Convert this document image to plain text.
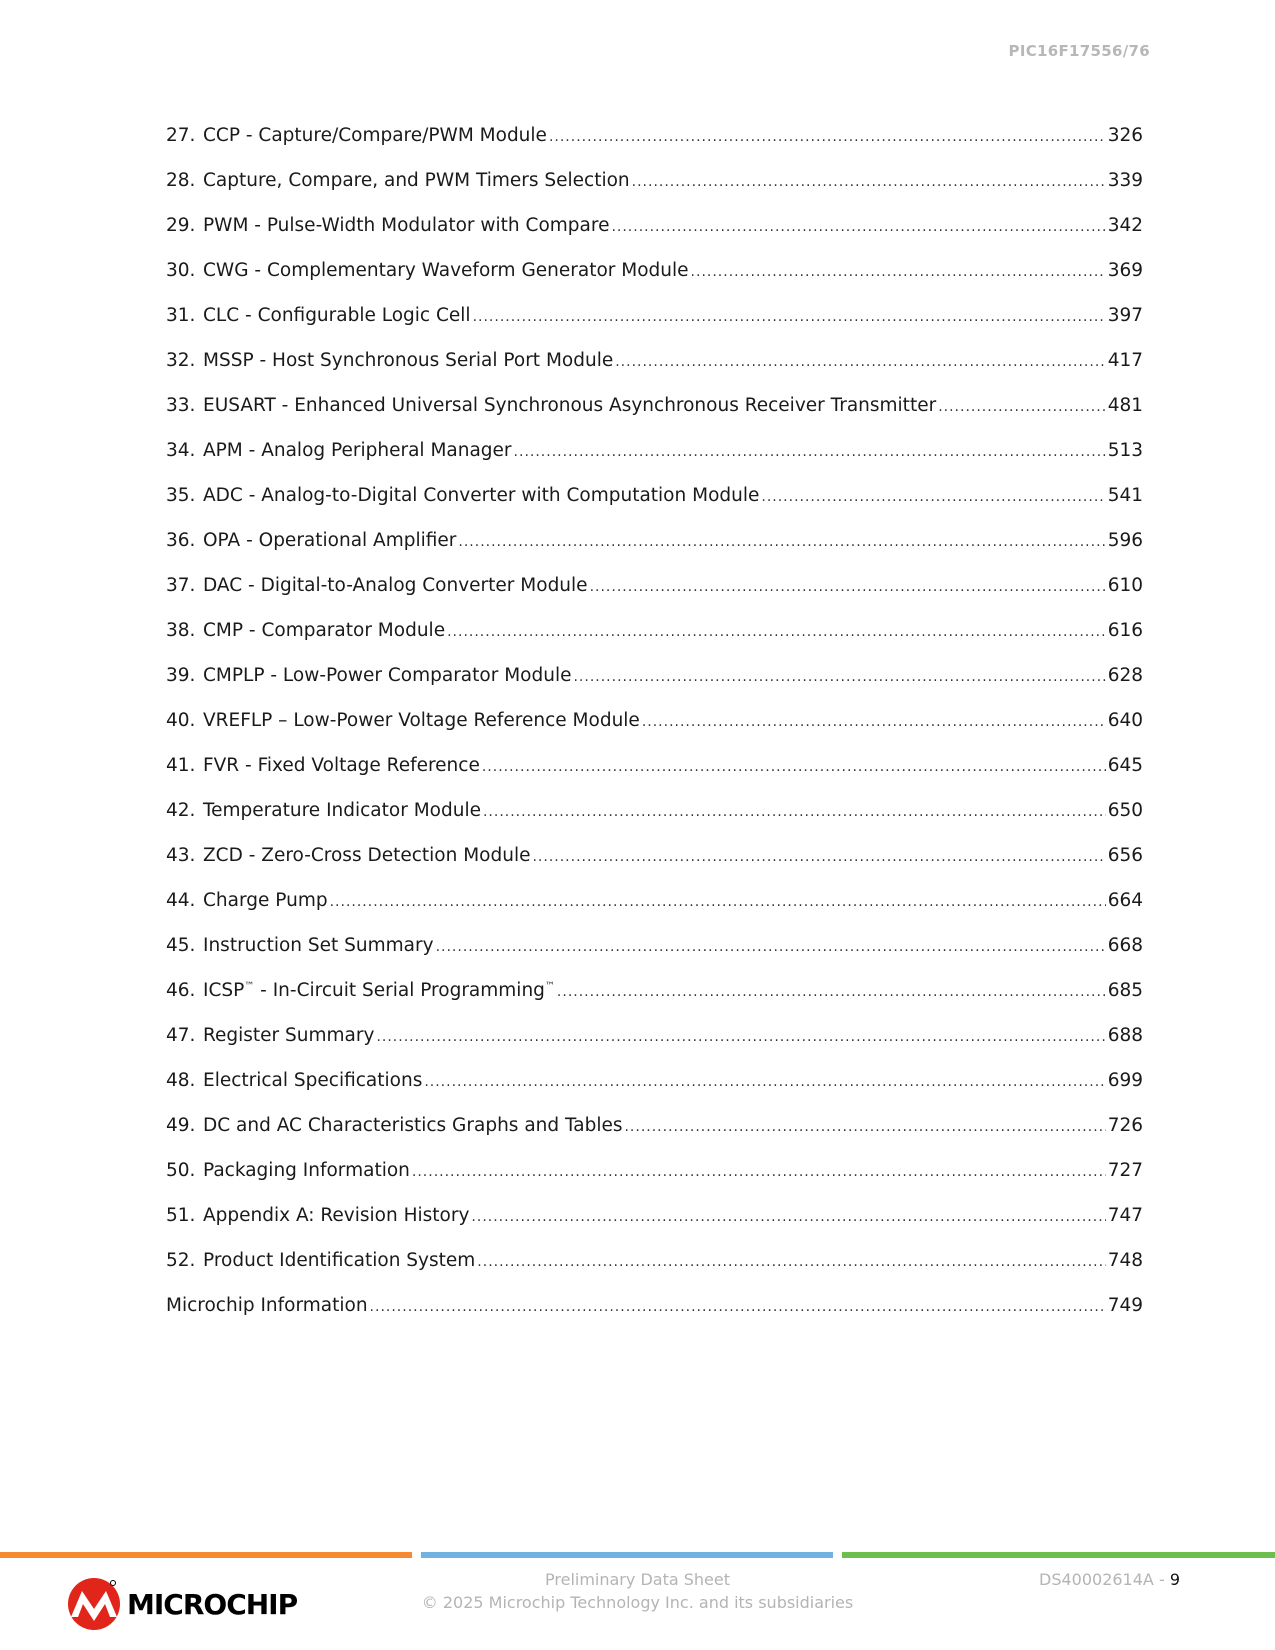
PIC16F17556/76
27. CCP - Capture/Compare/PWM Module .....	326
28. Capture, Compare, and PWM Timers Selection .....	339
29. PWM - Pulse-Width Modulator with Compare .....	342
30. CWG - Complementary Waveform Generator Module .....	369
31. CLC - Configurable Logic Cell .....	397
32. MSSP - Host Synchronous Serial Port Module .....	417
33. EUSART - Enhanced Universal Synchronous Asynchronous Receiver Transmitter .....	481
34. APM - Analog Peripheral Manager .....	513
35. ADC - Analog-to-Digital Converter with Computation Module .....	541
36. OPA - Operational Amplifier .....	596
37. DAC - Digital-to-Analog Converter Module .....	610
38. CMP - Comparator Module .....	616
39. CMPLP - Low-Power Comparator Module .....	628
40. VREFLP – Low-Power Voltage Reference Module .....	640
41. FVR - Fixed Voltage Reference .....	645
42. Temperature Indicator Module .....	650
43. ZCD - Zero-Cross Detection Module .....	656
44. Charge Pump .....	664
45. Instruction Set Summary .....	668
46. ICSP™ - In-Circuit Serial Programming™ .....	685
47. Register Summary .....	688
48. Electrical Specifications .....	699
49. DC and AC Characteristics Graphs and Tables .....	726
50. Packaging Information .....	727
51. Appendix A: Revision History .....	747
52. Product Identification System .....	748
Microchip Information .....	749
MICROCHIP
Preliminary Data Sheet
© 2025 Microchip Technology Inc. and its subsidiaries
DS40002614A - 9
